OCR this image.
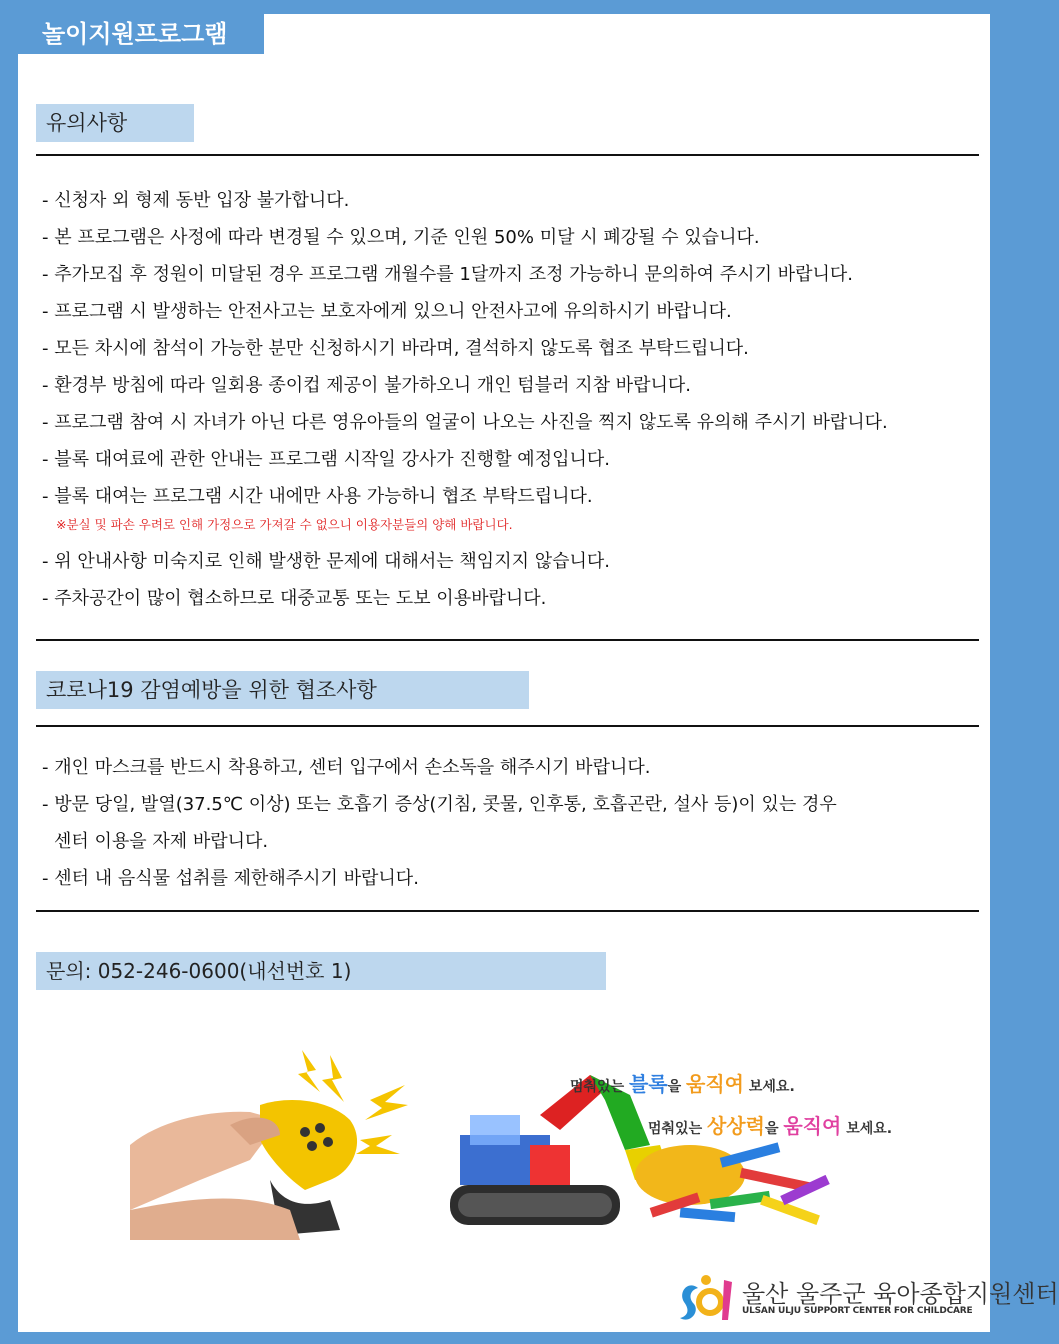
놀이지원프로그램
유의사항
- 신청자 외 형제 동반 입장 불가합니다.
- 본 프로그램은 사정에 따라 변경될 수 있으며, 기준 인원 50% 미달 시 폐강될 수 있습니다.
- 추가모집 후 정원이 미달된 경우 프로그램 개월수를 1달까지 조정 가능하니 문의하여 주시기 바랍니다.
- 프로그램 시 발생하는 안전사고는 보호자에게 있으니 안전사고에 유의하시기 바랍니다.
- 모든 차시에 참석이 가능한 분만 신청하시기 바라며, 결석하지 않도록 협조 부탁드립니다.
- 환경부 방침에 따라 일회용 종이컵 제공이 불가하오니 개인 텀블러 지참 바랍니다.
- 프로그램 참여 시 자녀가 아닌 다른 영유아들의 얼굴이 나오는 사진을 찍지 않도록 유의해 주시기 바랍니다.
- 블록 대여료에 관한 안내는 프로그램 시작일 강사가 진행할 예정입니다.
- 블록 대여는 프로그램 시간 내에만 사용 가능하니 협조 부탁드립니다.
※분실 및 파손 우려로 인해 가정으로 가져갈 수 없으니 이용자분들의 양해 바랍니다.
- 위 안내사항 미숙지로 인해 발생한 문제에 대해서는 책임지지 않습니다.
- 주차공간이 많이 협소하므로 대중교통 또는 도보 이용바랍니다.
코로나19 감염예방을 위한 협조사항
- 개인 마스크를 반드시 착용하고, 센터 입구에서 손소독을 해주시기 바랍니다.
- 방문 당일, 발열(37.5℃ 이상) 또는 호흡기 증상(기침, 콧물, 인후통, 호흡곤란, 설사 등)이 있는 경우
센터 이용을 자제 바랍니다.
- 센터 내 음식물 섭취를 제한해주시기 바랍니다.
문의: 052-246-0600(내선번호 1)
멈춰있는 블록을 움직여 보세요.
멈춰있는 상상력을 움직여 보세요.
울산 울주군 육아종합지원센터
ULSAN ULJU SUPPORT CENTER FOR CHILDCARE
